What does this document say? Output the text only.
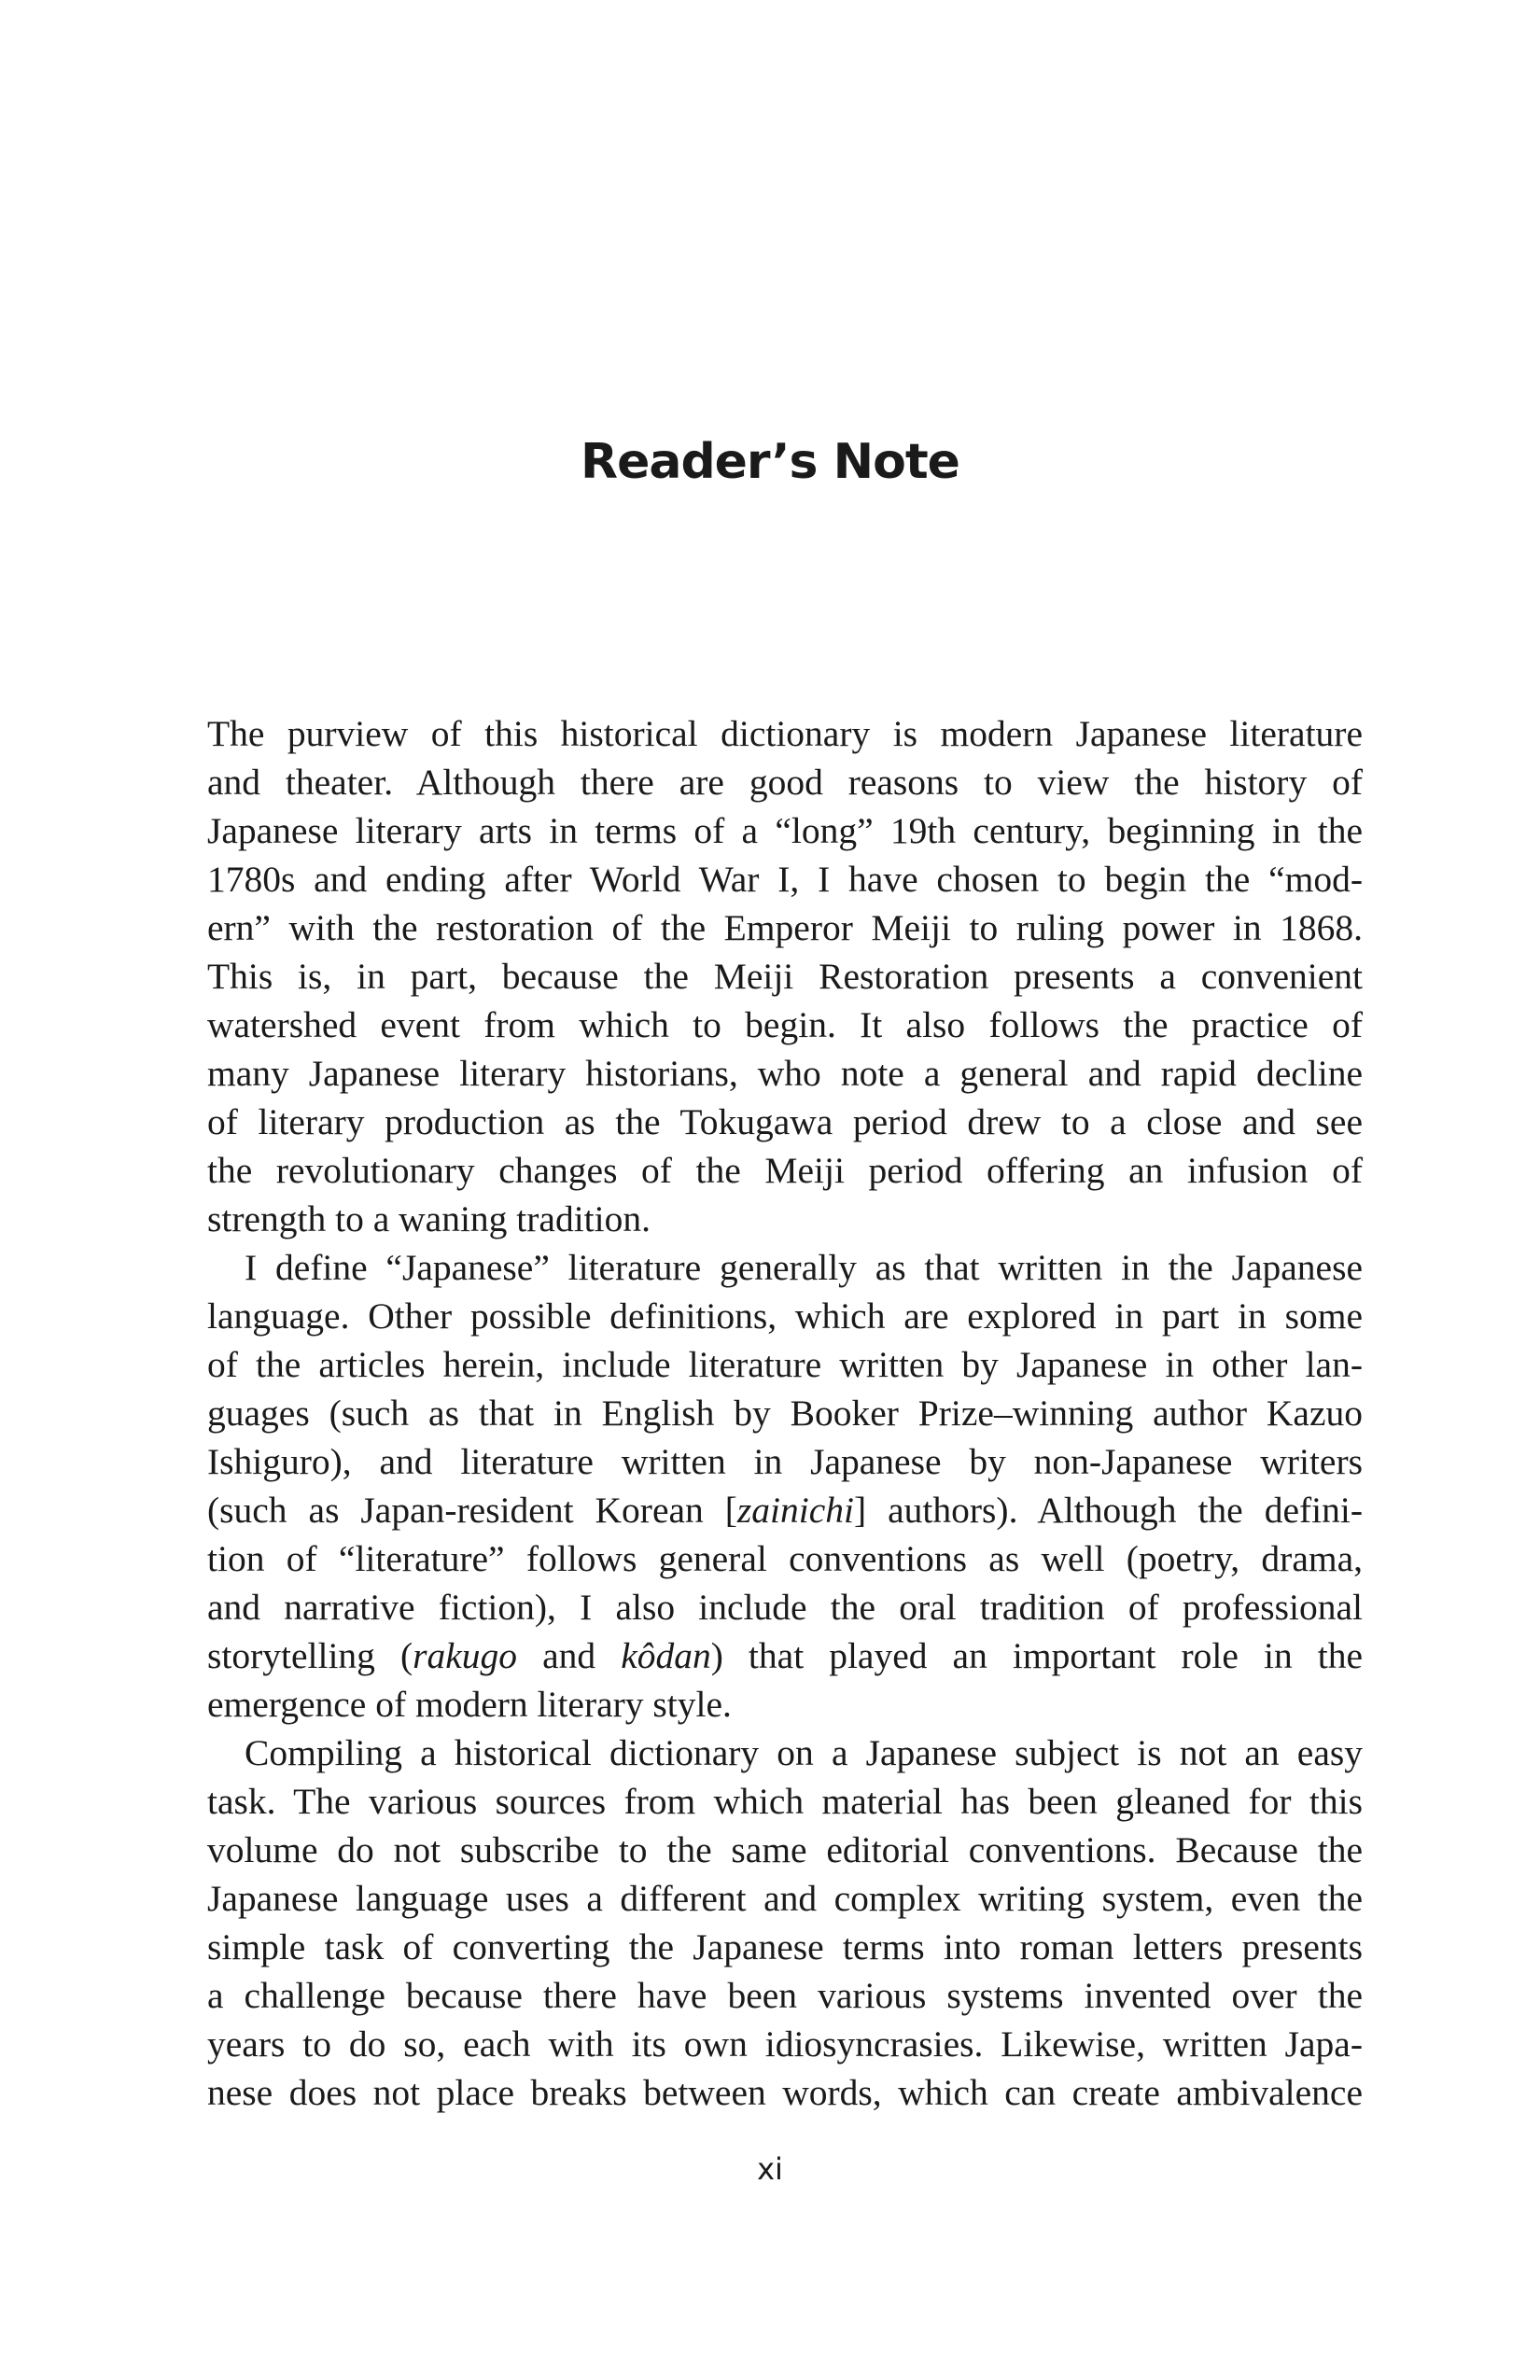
Reader’s Note

The purview of this historical dictionary is modern Japanese literature
and theater. Although there are good reasons to view the history of
Japanese literary arts in terms of a “long” 19th century, beginning in the
1780s and ending after World War I, I have chosen to begin the “mod-
ern” with the restoration of the Emperor Meiji to ruling power in 1868.
This is, in part, because the Meiji Restoration presents a convenient
watershed event from which to begin. It also follows the practice of
many Japanese literary historians, who note a general and rapid decline
of literary production as the Tokugawa period drew to a close and see
the revolutionary changes of the Meiji period offering an infusion of
strength to a waning tradition.

I define “Japanese” literature generally as that written in the Japanese
language. Other possible definitions, which are explored in part in some
of the articles herein, include literature written by Japanese in other lan-
guages (such as that in English by Booker Prize–winning author Kazuo
Ishiguro), and literature written in Japanese by non-Japanese writers
(such as Japan-resident Korean [zainichi] authors). Although the defini-
tion of “literature” follows general conventions as well (poetry, drama,
and narrative fiction), I also include the oral tradition of professional
storytelling (rakugo and kôdan) that played an important role in the
emergence of modern literary style.

Compiling a historical dictionary on a Japanese subject is not an easy
task. The various sources from which material has been gleaned for this
volume do not subscribe to the same editorial conventions. Because the
Japanese language uses a different and complex writing system, even the
simple task of converting the Japanese terms into roman letters presents
a challenge because there have been various systems invented over the
years to do so, each with its own idiosyncrasies. Likewise, written Japa-
nese does not place breaks between words, which can create ambivalence

xi
